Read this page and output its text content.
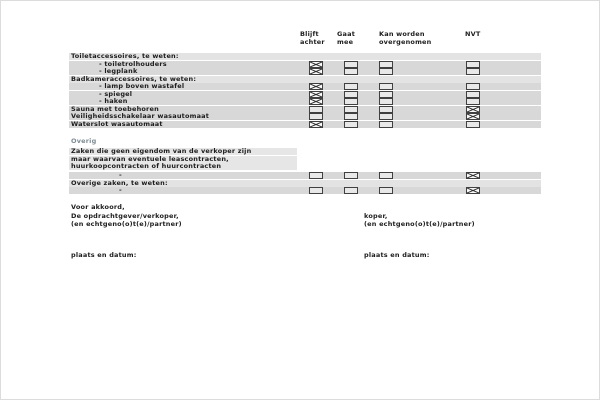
Blijft
achter
Gaat
mee
Kan worden
overgenomen
NVT
Toiletaccessoires, te weten:
- toiletrolhouders
- legplank
Badkameraccessoires, te weten:
- lamp boven wastafel
- spiegel
- haken
Sauna met toebehoren
Veiligheidsschakelaar wasautomaat
Waterslot wasautomaat
Overig
Zaken die geen eigendom van de verkoper zijn
maar waarvan eventuele leascontracten,
huurkoopcontracten of huurcontracten
-
Overige zaken, te weten:
-
Voor akkoord,
De opdrachtgever/verkoper,
(en echtgeno(o)t(e)/partner)
koper,
(en echtgeno(o)t(e)/partner)
plaats en datum:	plaats en datum:
